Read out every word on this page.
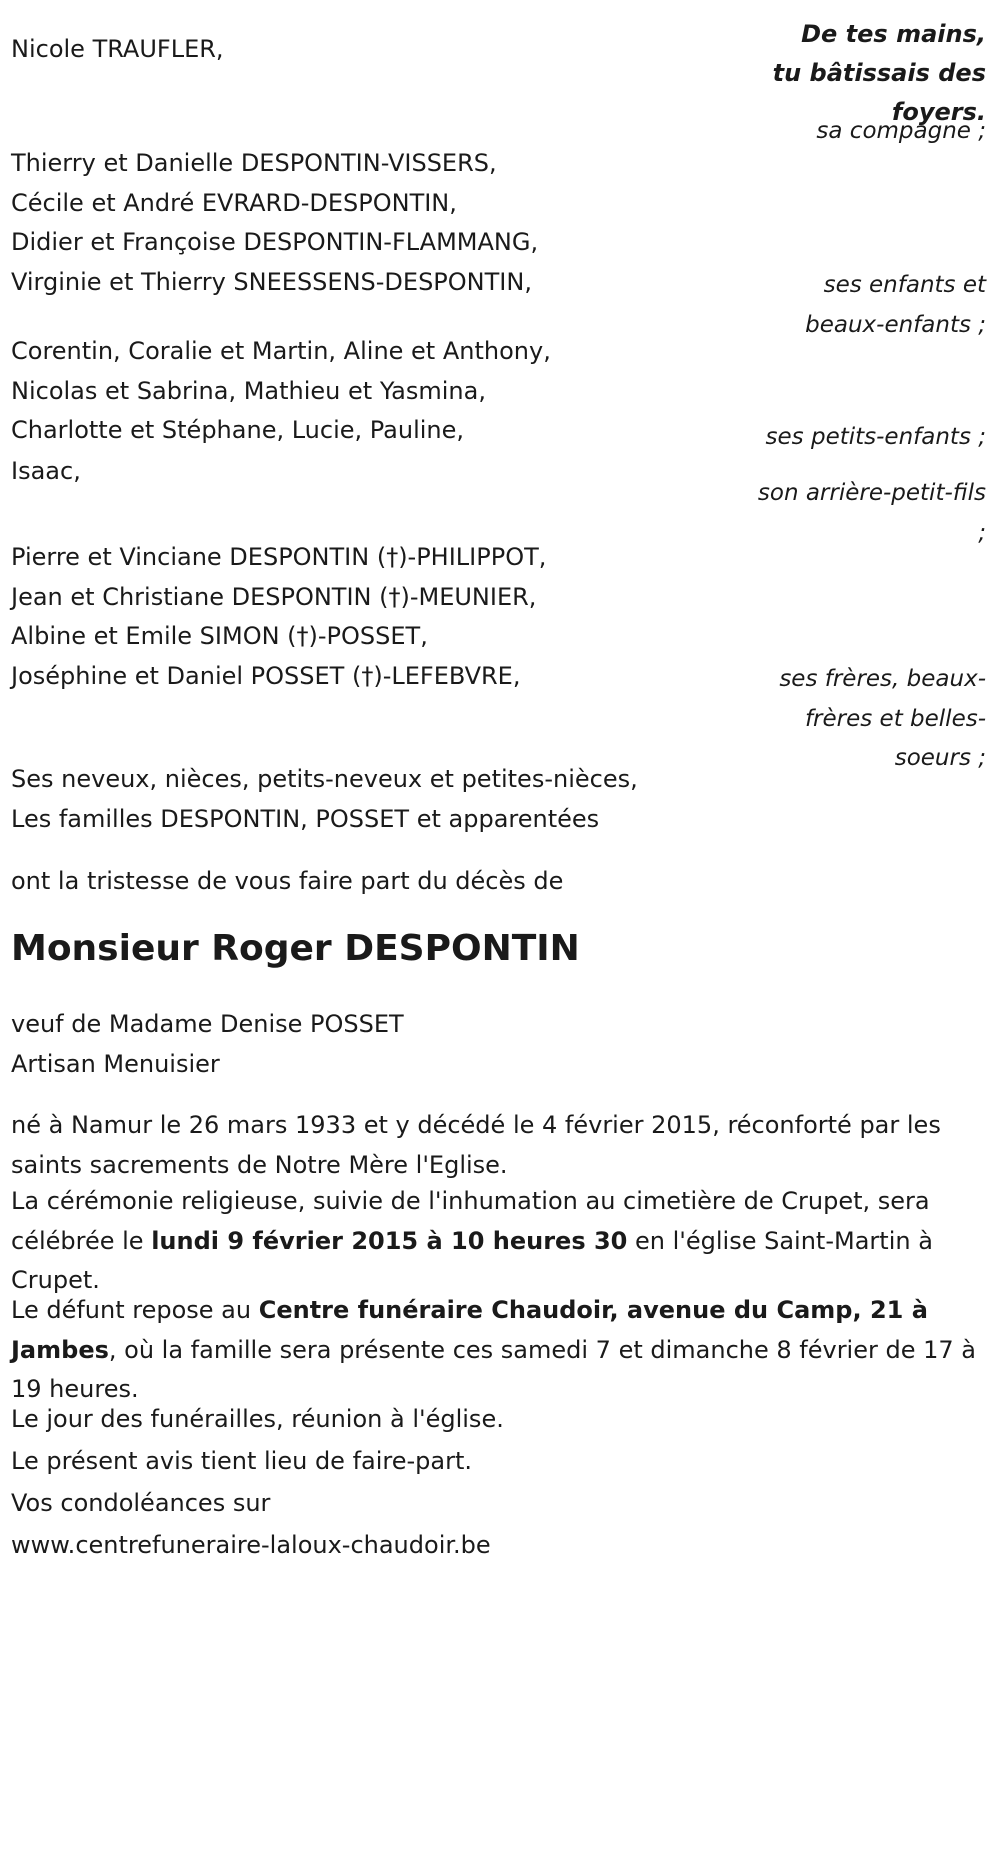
Nicole TRAUFLER,
De tes mains,
tu bâtissais des
foyers.
sa compagne ;
Thierry et Danielle DESPONTIN-VISSERS,
Cécile et André EVRARD-DESPONTIN,
Didier et Françoise DESPONTIN-FLAMMANG,
Virginie et Thierry SNEESSENS-DESPONTIN,	ses enfants et
beaux-enfants ;
Corentin, Coralie et Martin, Aline et Anthony,
Nicolas et Sabrina, Mathieu et Yasmina,
Charlotte et Stéphane, Lucie, Pauline,	ses petits-enfants ;
Isaac,
son arrière-petit-fils
;
Pierre et Vinciane DESPONTIN (†)-PHILIPPOT,
Jean et Christiane DESPONTIN (†)-MEUNIER,
Albine et Emile SIMON (†)-POSSET,
Joséphine et Daniel POSSET (†)-LEFEBVRE,	ses frères, beaux-
frères et belles-
soeurs ;
Ses neveux, nièces, petits-neveux et petites-nièces,
Les familles DESPONTIN, POSSET et apparentées
ont la tristesse de vous faire part du décès de
Monsieur Roger DESPONTIN
veuf de Madame Denise POSSET
Artisan Menuisier
né à Namur le 26 mars 1933 et y décédé le 4 février 2015, réconforté par les saints sacrements de Notre Mère l'Eglise.
La cérémonie religieuse, suivie de l'inhumation au cimetière de Crupet, sera célébrée le lundi 9 février 2015 à 10 heures 30 en l'église Saint-Martin à Crupet.
Le défunt repose au Centre funéraire Chaudoir, avenue du Camp, 21 à Jambes, où la famille sera présente ces samedi 7 et dimanche 8 février de 17 à 19 heures.
Le jour des funérailles, réunion à l'église.
Le présent avis tient lieu de faire-part.
Vos condoléances sur
www.centrefuneraire-laloux-chaudoir.be
